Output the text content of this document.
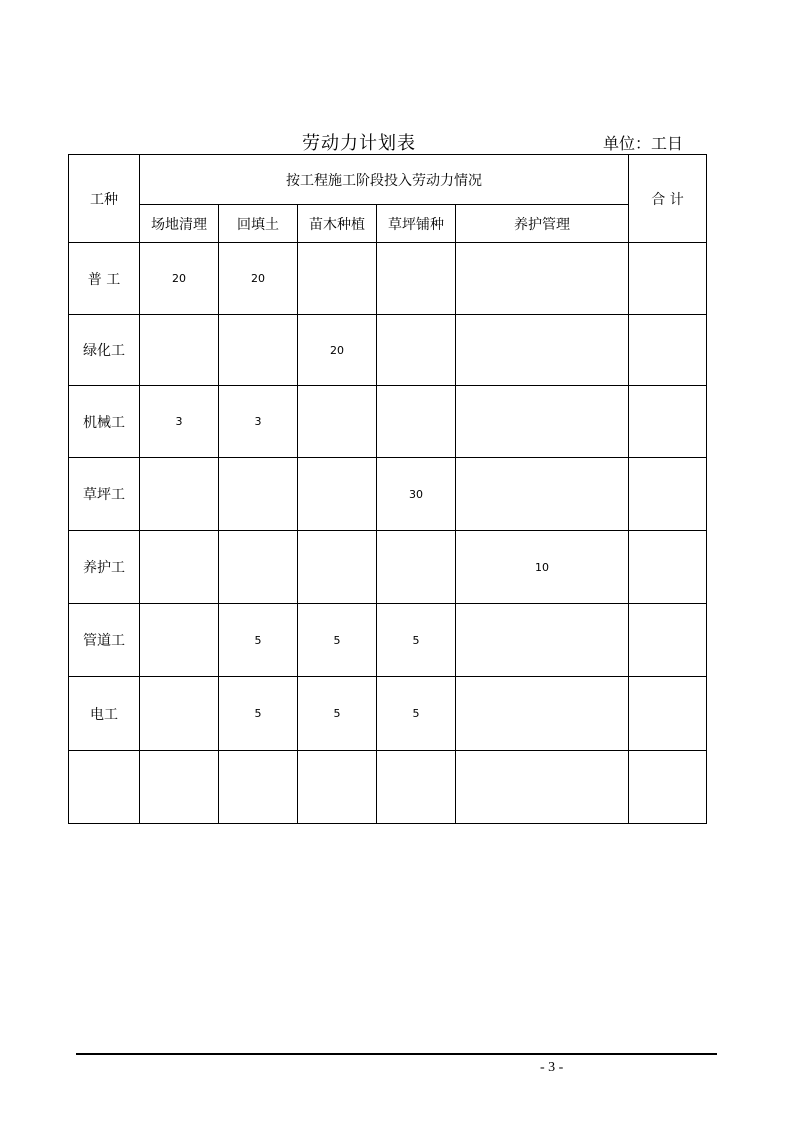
劳动力计划表	单位：工日
工种	按工程施工阶段投入劳动力情况					合 计
	场地清理	回填土	苗木种植	草坪铺种	养护管理	
普 工	20	20				
绿化工			20			
机械工	3	3				
草坪工				30		
养护工					10	
管道工		5	5	5		
电工		5	5	5		

- 3 -
